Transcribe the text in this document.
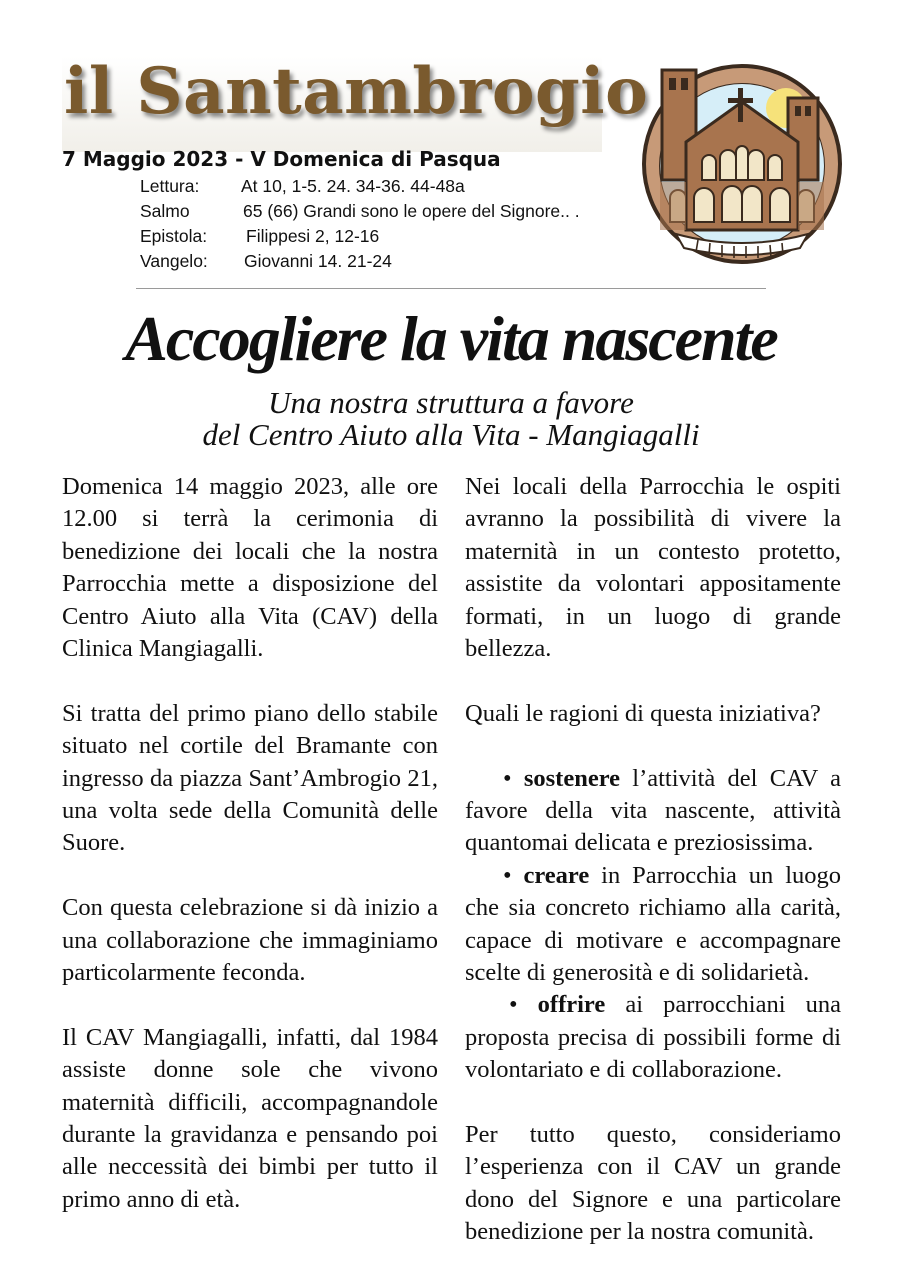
il Santambrogio
7 Maggio 2023 - V Domenica di Pasqua
Lettura: At 10, 1-5. 24. 34-36. 44-48a
Salmo	65 (66) Grandi sono le opere del Signore.. .
Epistola: Filippesi 2, 12-16
Vangelo: Giovanni 14. 21-24
Accogliere la vita nascente
Una nostra struttura a favore
del Centro Aiuto alla Vita - Mangiagalli

Domenica 14 maggio 2023, alle ore 12.00 si terrà la cerimonia di benedizione dei locali che la nostra Parrocchia mette a disposizione del Centro Aiuto alla Vita (CAV) della Clinica Mangiagalli.

Si tratta del primo piano dello stabile situato nel cortile del Bramante con ingresso da piazza Sant’Ambrogio 21, una volta sede della Comunità delle Suore.

Con questa celebrazione si dà inizio a una collaborazione che immaginiamo particolarmente feconda.

Il CAV Mangiagalli, infatti, dal 1984 assiste donne sole che vivono maternità difficili, accompagnandole durante la gravidanza e pensando poi alle neccessità dei bimbi per tutto il primo anno di età.

Nei locali della Parrocchia le ospiti avranno la possibilità di vivere la maternità in un contesto protetto, assistite da volontari appositamente formati, in un luogo di grande bellezza.

Quali le ragioni di questa iniziativa?

• sostenere l’attività del CAV a favore della vita nascente, attività quantomai delicata e preziosissima.

• creare in Parrocchia un luogo che sia concreto richiamo alla carità, capace di motivare e accompagnare scelte di generosità e di solidarietà.

• offrire ai parrocchiani una proposta precisa di possibili forme di volontariato e di collaborazione.

Per tutto questo, consideriamo l’esperienza con il CAV un grande dono del Signore e una particolare benedizione per la nostra comunità.
